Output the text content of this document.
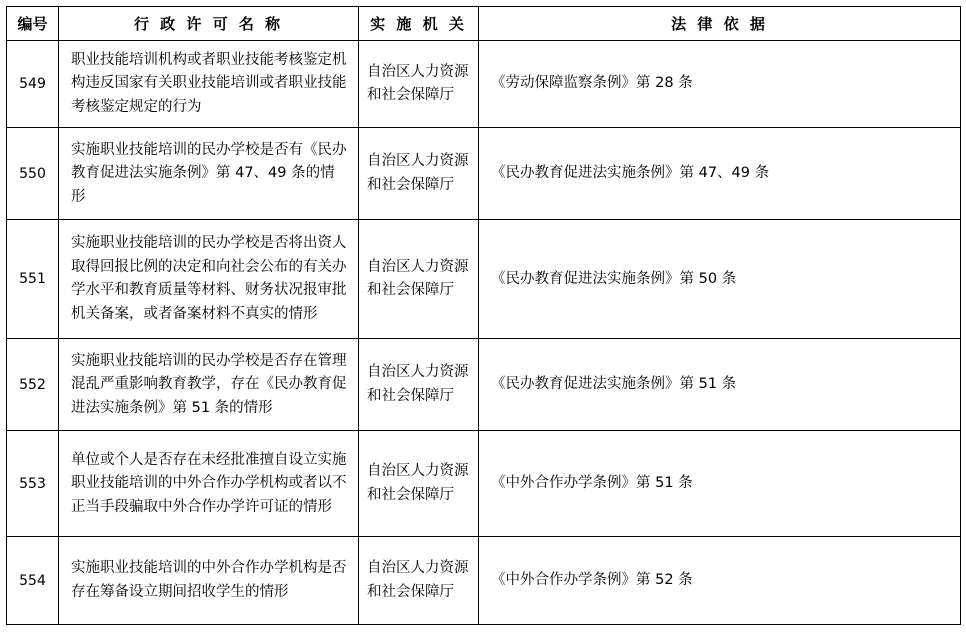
编号	行 政 许 可 名 称	实 施 机 关	法 律 依 据
549	职业技能培训机构或者职业技能考核鉴定机构违反国家有关职业技能培训或者职业技能考核鉴定规定的行为	自治区人力资源和社会保障厅	《劳动保障监察条例》第 28 条
550	实施职业技能培训的民办学校是否有《民办教育促进法实施条例》第 47、49 条的情形	自治区人力资源和社会保障厅	《民办教育促进法实施条例》第 47、49 条
551	实施职业技能培训的民办学校是否将出资人取得回报比例的决定和向社会公布的有关办学水平和教育质量等材料、财务状况报审批机关备案，或者备案材料不真实的情形	自治区人力资源和社会保障厅	《民办教育促进法实施条例》第 50 条
552	实施职业技能培训的民办学校是否存在管理混乱严重影响教育教学，存在《民办教育促进法实施条例》第 51 条的情形	自治区人力资源和社会保障厅	《民办教育促进法实施条例》第 51 条
553	单位或个人是否存在未经批准擅自设立实施职业技能培训的中外合作办学机构或者以不正当手段骗取中外合作办学许可证的情形	自治区人力资源和社会保障厅	《中外合作办学条例》第 51 条
554	实施职业技能培训的中外合作办学机构是否存在筹备设立期间招收学生的情形	自治区人力资源和社会保障厅	《中外合作办学条例》第 52 条
